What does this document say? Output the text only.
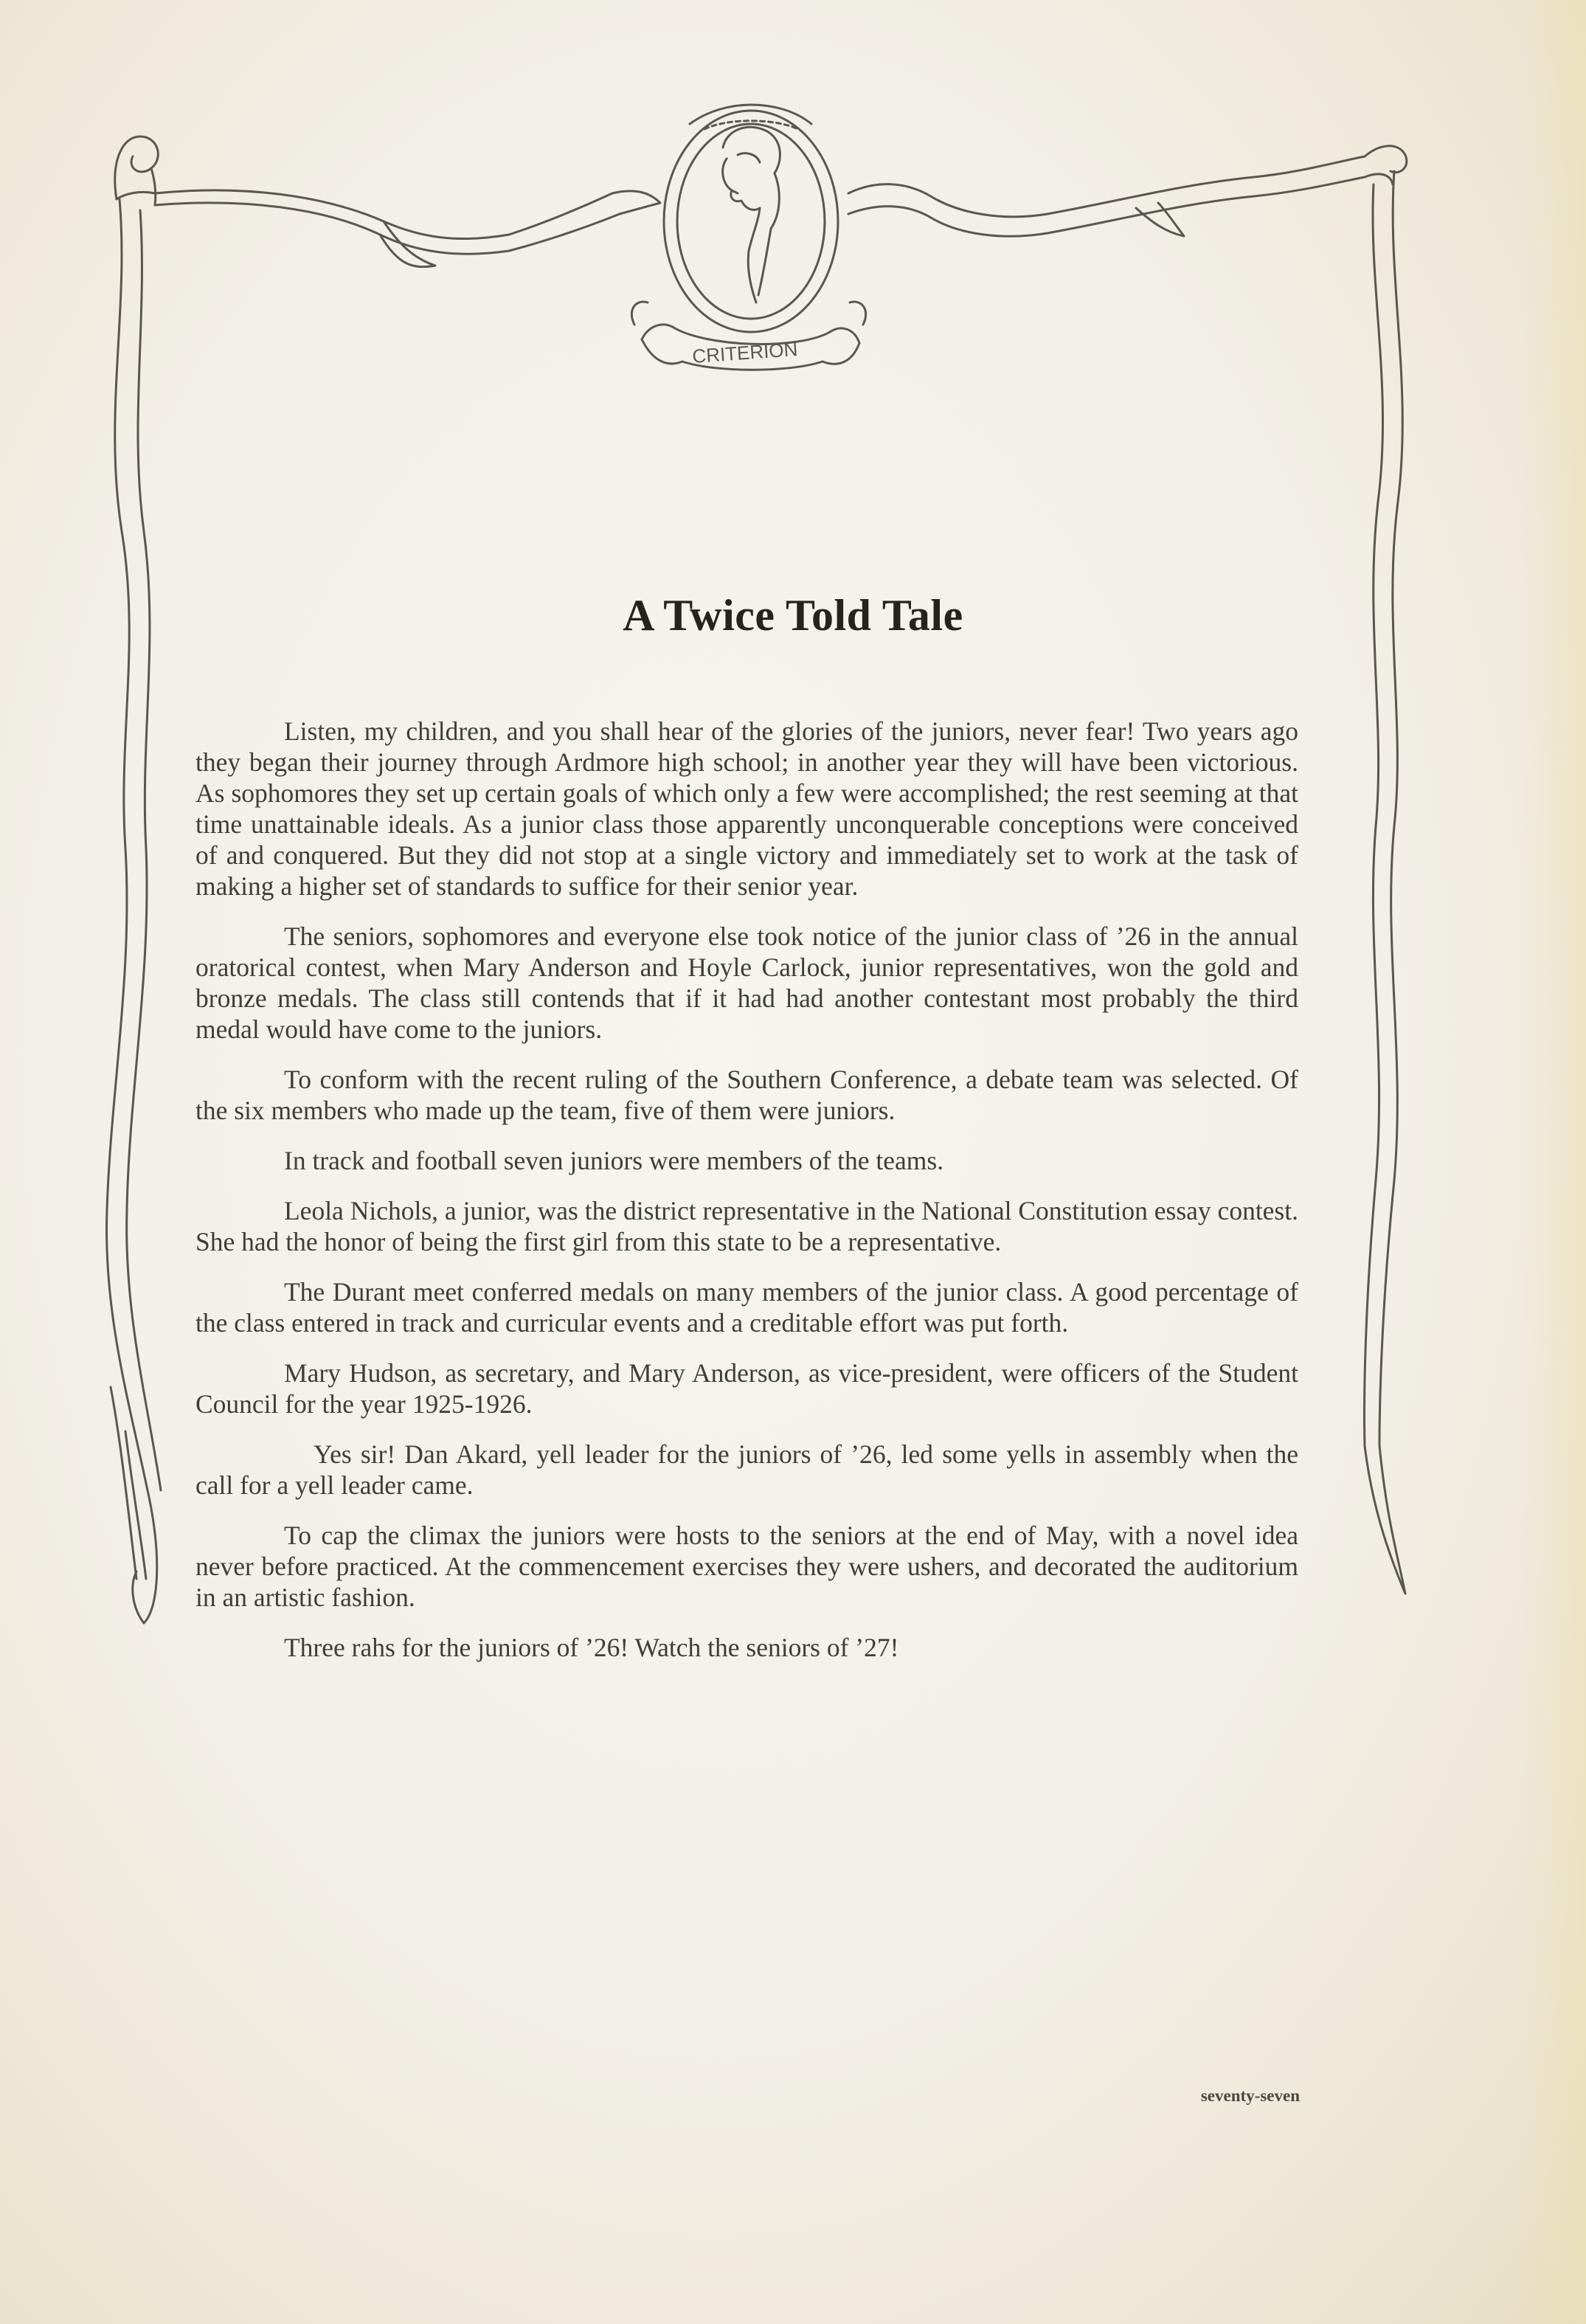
CRITERION
A Twice Told Tale

Listen, my children, and you shall hear of the glories of the juniors, never fear! Two years ago they began their journey through Ardmore high school; in another year they will have been victorious. As sophomores they set up certain goals of which only a few were accomplished; the rest seeming at that time unattainable ideals. As a junior class those apparently unconquerable conceptions were conceived of and conquered. But they did not stop at a single victory and immediately set to work at the task of making a higher set of standards to suffice for their senior year.

The seniors, sophomores and everyone else took notice of the junior class of ’26 in the annual oratorical contest, when Mary Anderson and Hoyle Carlock, junior representatives, won the gold and bronze medals. The class still contends that if it had had another contestant most probably the third medal would have come to the juniors.

To conform with the recent ruling of the Southern Conference, a debate team was selected. Of the six members who made up the team, five of them were juniors.

In track and football seven juniors were members of the teams.

Leola Nichols, a junior, was the district representative in the National Constitution essay contest. She had the honor of being the first girl from this state to be a representative.

The Durant meet conferred medals on many members of the junior class. A good percentage of the class entered in track and curricular events and a creditable effort was put forth.

Mary Hudson, as secretary, and Mary Anderson, as vice-president, were officers of the Student Council for the year 1925-1926.

Yes sir! Dan Akard, yell leader for the juniors of ’26, led some yells in assembly when the call for a yell leader came.

To cap the climax the juniors were hosts to the seniors at the end of May, with a novel idea never before practiced. At the commencement exercises they were ushers, and decorated the auditorium in an artistic fashion.

Three rahs for the juniors of ’26! Watch the seniors of ’27!

seventy-seven
